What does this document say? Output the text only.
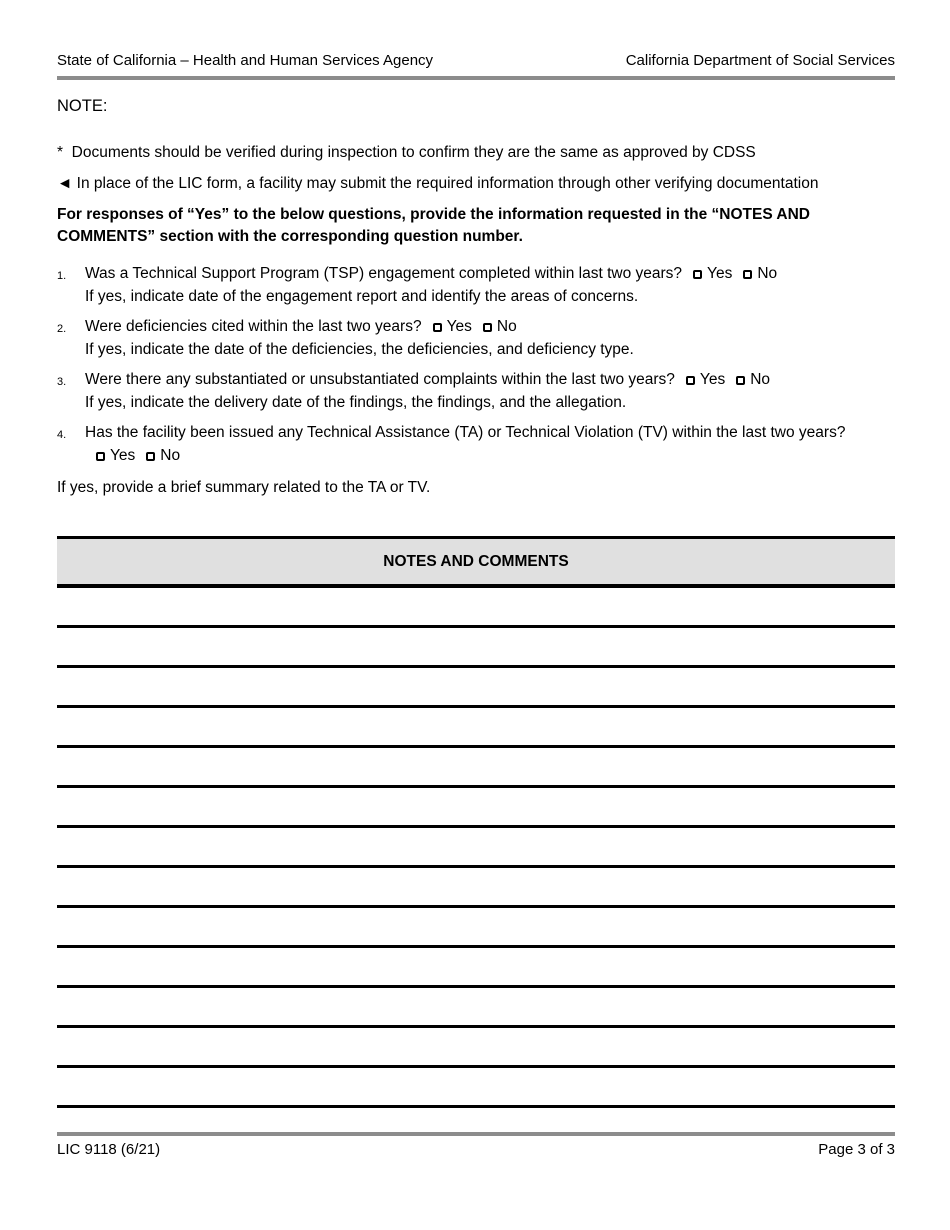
State of California – Health and Human Services Agency	California Department of Social Services
NOTE:

* Documents should be verified during inspection to confirm they are the same as approved by CDSS

◄ In place of the LIC form, a facility may submit the required information through other verifying documentation

For responses of “Yes” to the below questions, provide the information requested in the “NOTES AND COMMENTS” section with the corresponding question number.

1.	Was a Technical Support Program (TSP) engagement completed within last two years? Yes No
If yes, indicate date of the engagement report and identify the areas of concerns.
2.	Were deficiencies cited within the last two years? Yes No
If yes, indicate the date of the deficiencies, the deficiencies, and deficiency type.
3.	Were there any substantiated or unsubstantiated complaints within the last two years? Yes No
If yes, indicate the delivery date of the findings, the findings, and the allegation.
4.	Has the facility been issued any Technical Assistance (TA) or Technical Violation (TV) within the last two years?Yes No

If yes, provide a brief summary related to the TA or TV.

NOTES AND COMMENTS
LIC 9118 (6/21)	Page 3 of 3
